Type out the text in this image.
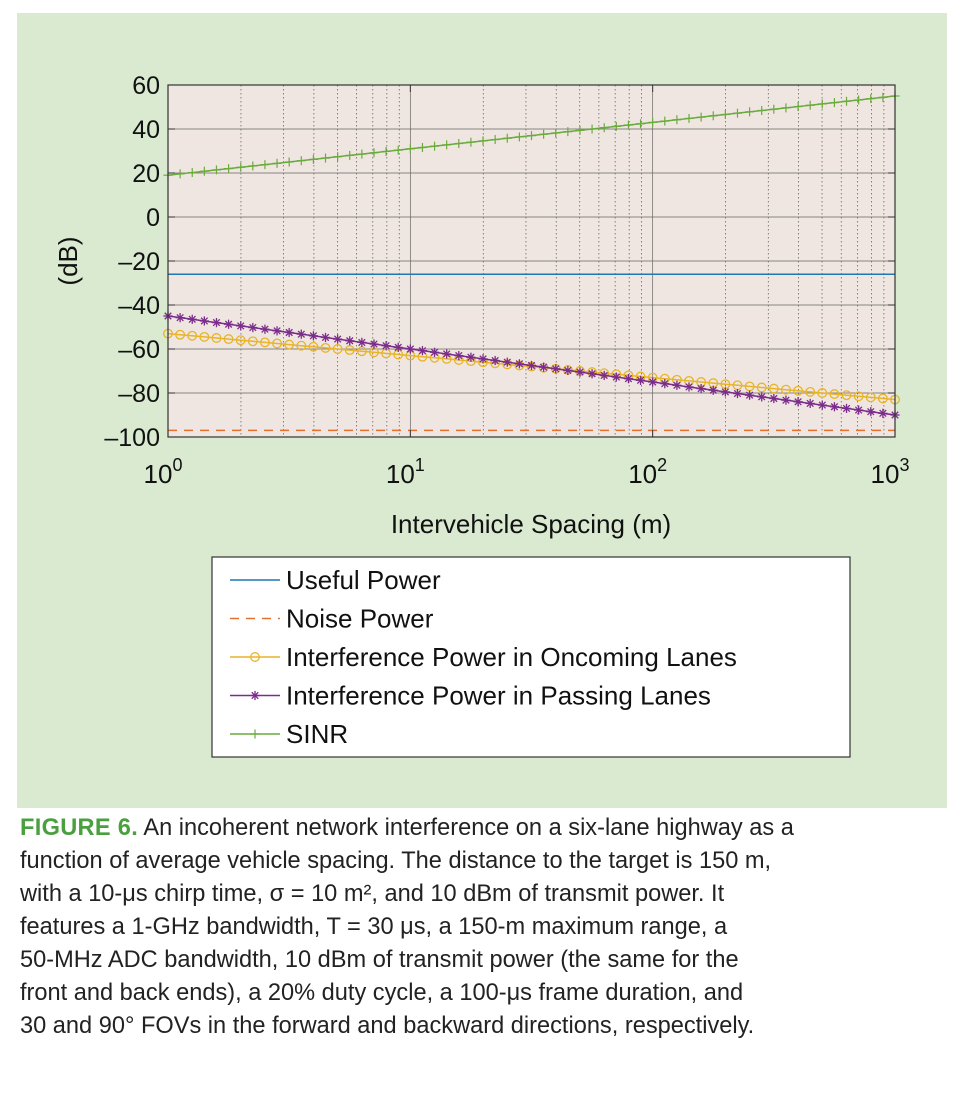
60
40
20
0
–20
–40
–60
–80
–100
$10^0$	$10^1$	$10^2$	$10^3$
Intervehicle Spacing (m)
(dB)
Useful Power
Noise Power
Interference Power in Oncoming Lanes
Interference Power in Passing Lanes
SINR
FIGURE 6. An incoherent network interference on a six-lane highway as a
function of average vehicle spacing. The distance to the target is 150 m,
with a 10-μs chirp time, σ = 10 m², and 10 dBm of transmit power. It
features a 1-GHz bandwidth, T = 30 μs, a 150-m maximum range, a
50-MHz ADC bandwidth, 10 dBm of transmit power (the same for the
front and back ends), a 20% duty cycle, a 100-μs frame duration, and
30 and 90° FOVs in the forward and backward directions, respectively.
